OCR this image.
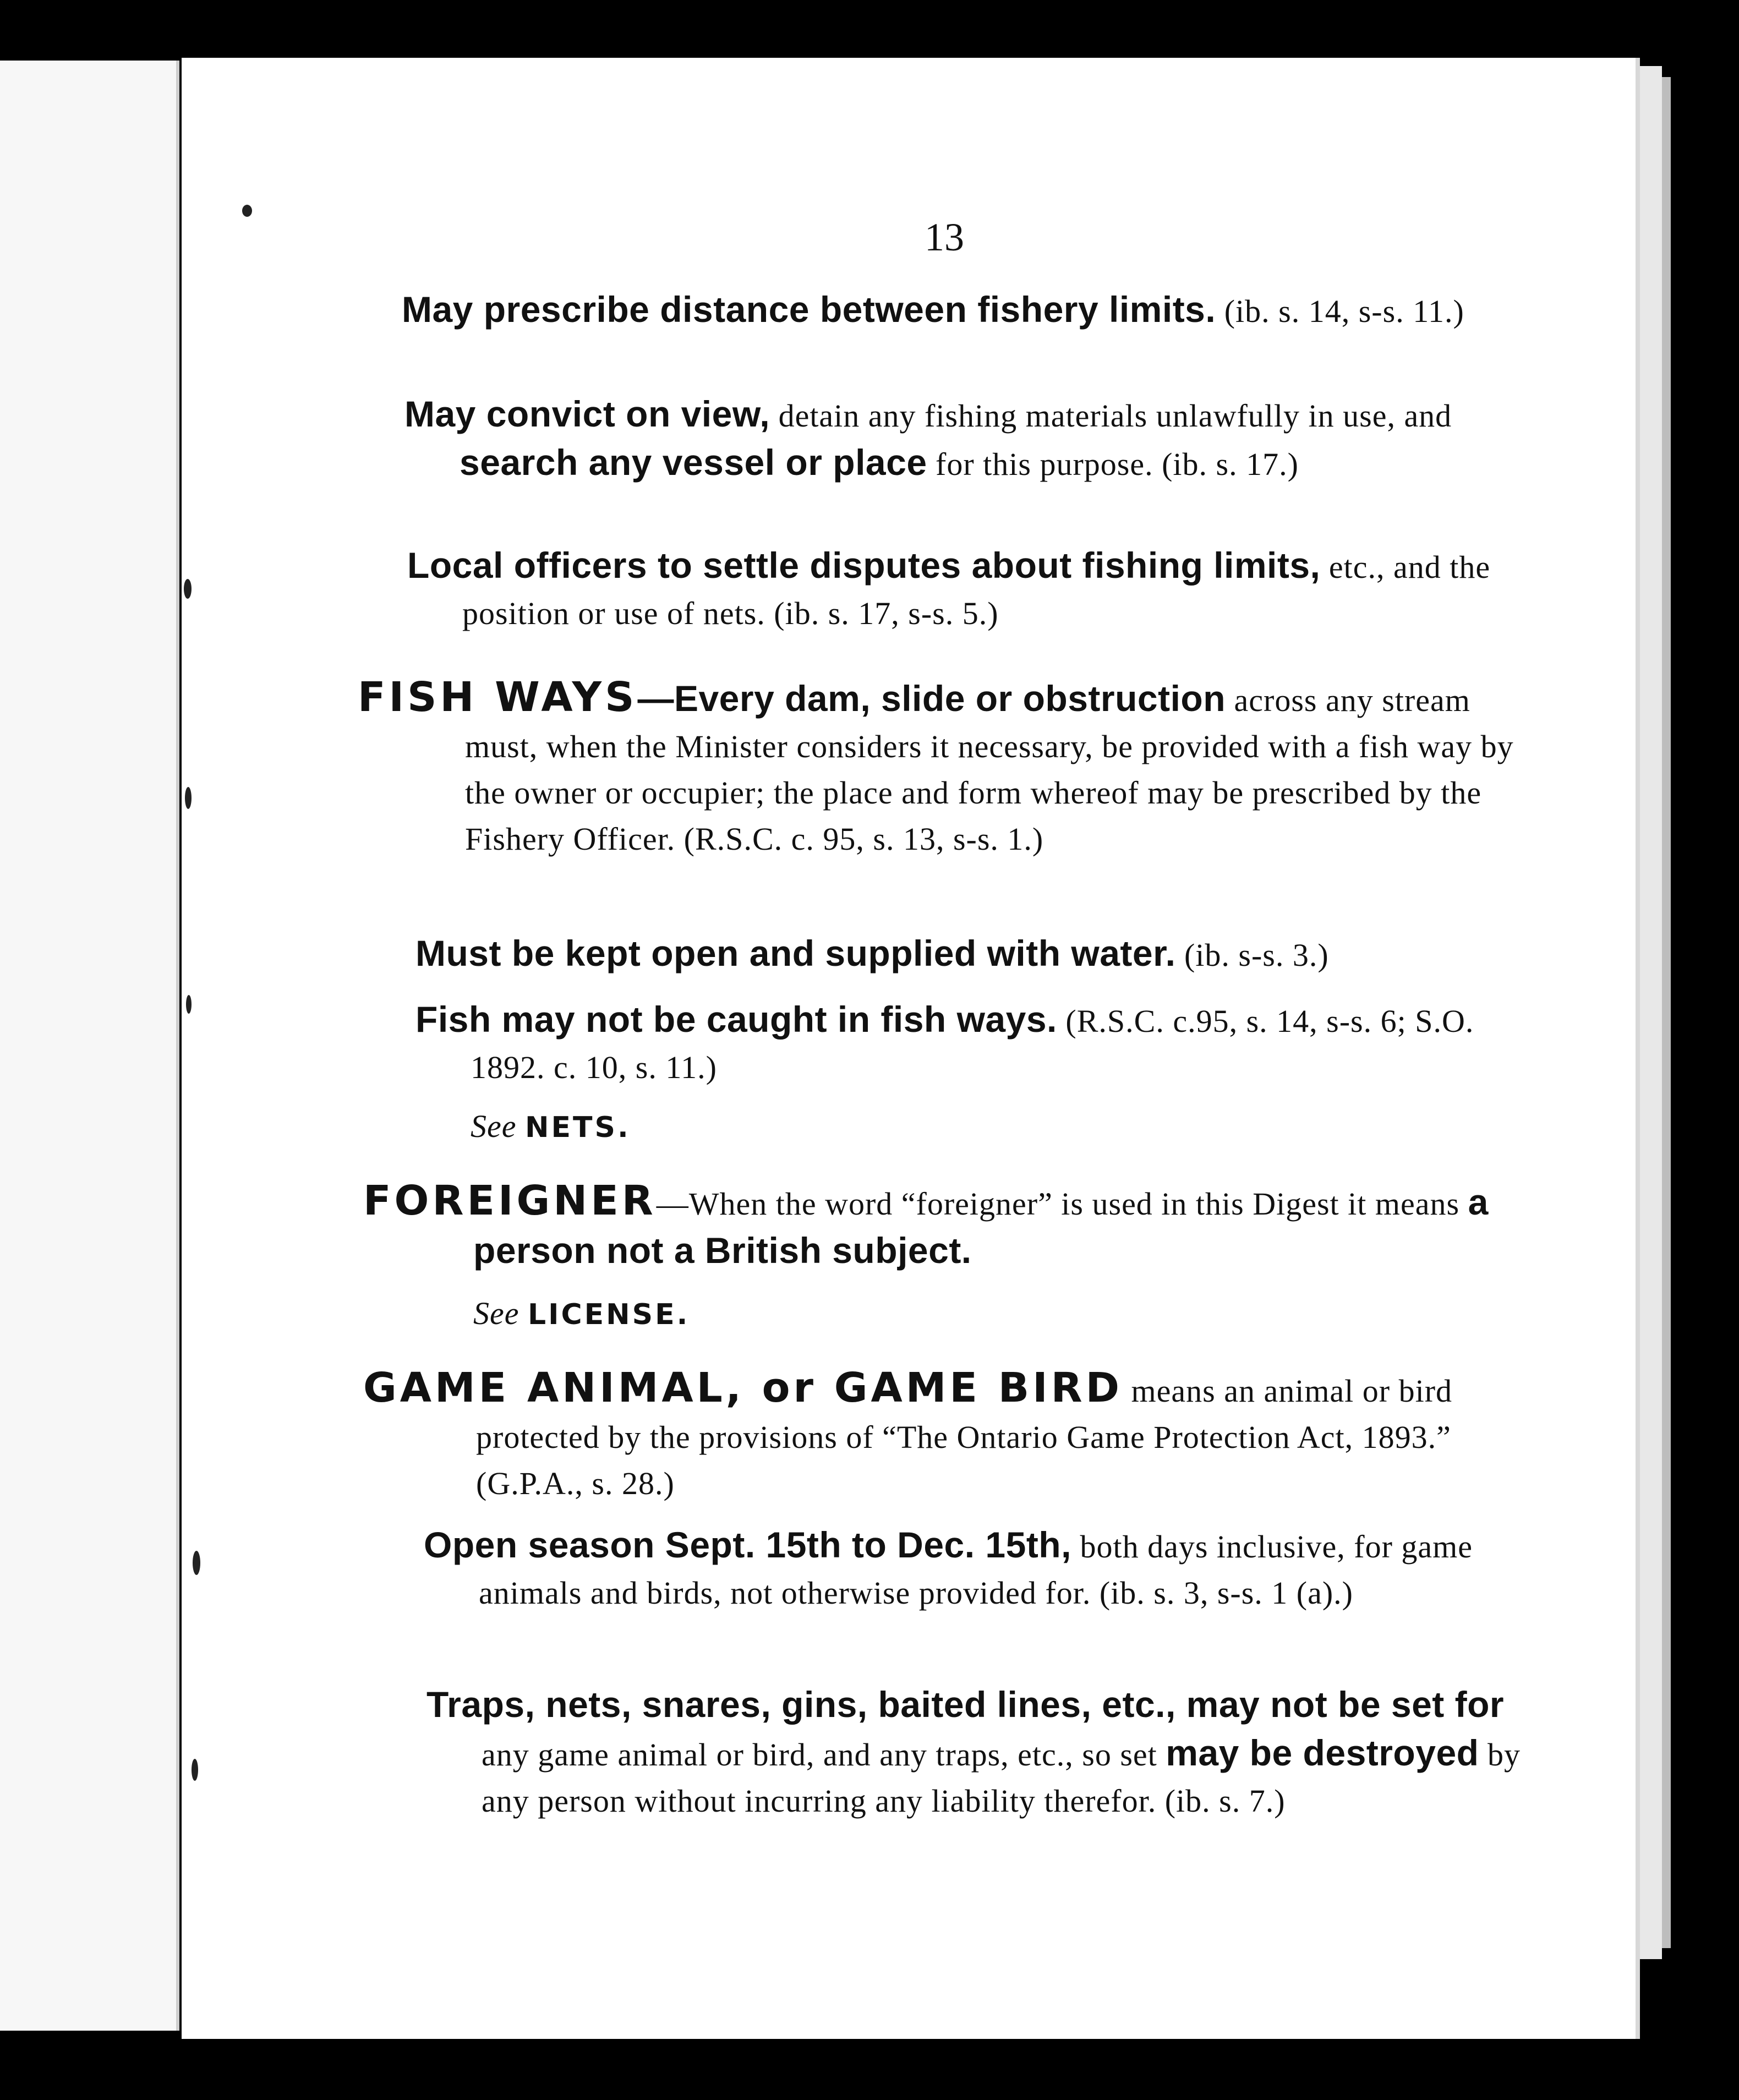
13
May prescribe distance between fishery limits. (ib. s. 14, s-s. 11.)
May convict on view, detain any fishing materials unlawfully in use, and search any vessel or place for this purpose. (ib. s. 17.)
Local officers to settle disputes about fishing limits, etc., and the position or use of nets. (ib. s. 17, s-s. 5.)
FISH WAYS—Every dam, slide or obstruction across any stream must, when the Minister considers it necessary, be provided with a fish way by the owner or occupier; the place and form whereof may be prescribed by the Fishery Officer. (R.S.C. c. 95, s. 13, s-s. 1.)
Must be kept open and supplied with water. (ib. s-s. 3.)
Fish may not be caught in fish ways. (R.S.C. c.95, s. 14, s-s. 6; S.O. 1892. c. 10, s. 11.)
See NETS.
FOREIGNER—When the word “foreigner” is used in this Digest it means a person not a British subject.
See LICENSE.
GAME ANIMAL, or GAME BIRD means an animal or bird protected by the provisions of “The Ontario Game Protection Act, 1893.” (G.P.A., s. 28.)
Open season Sept. 15th to Dec. 15th, both days inclusive, for game animals and birds, not otherwise provided for. (ib. s. 3, s-s. 1 (a).)
Traps, nets, snares, gins, baited lines, etc., may not be set for any game animal or bird, and any traps, etc., so set may be destroyed by any person without incurring any liability therefor. (ib. s. 7.)
